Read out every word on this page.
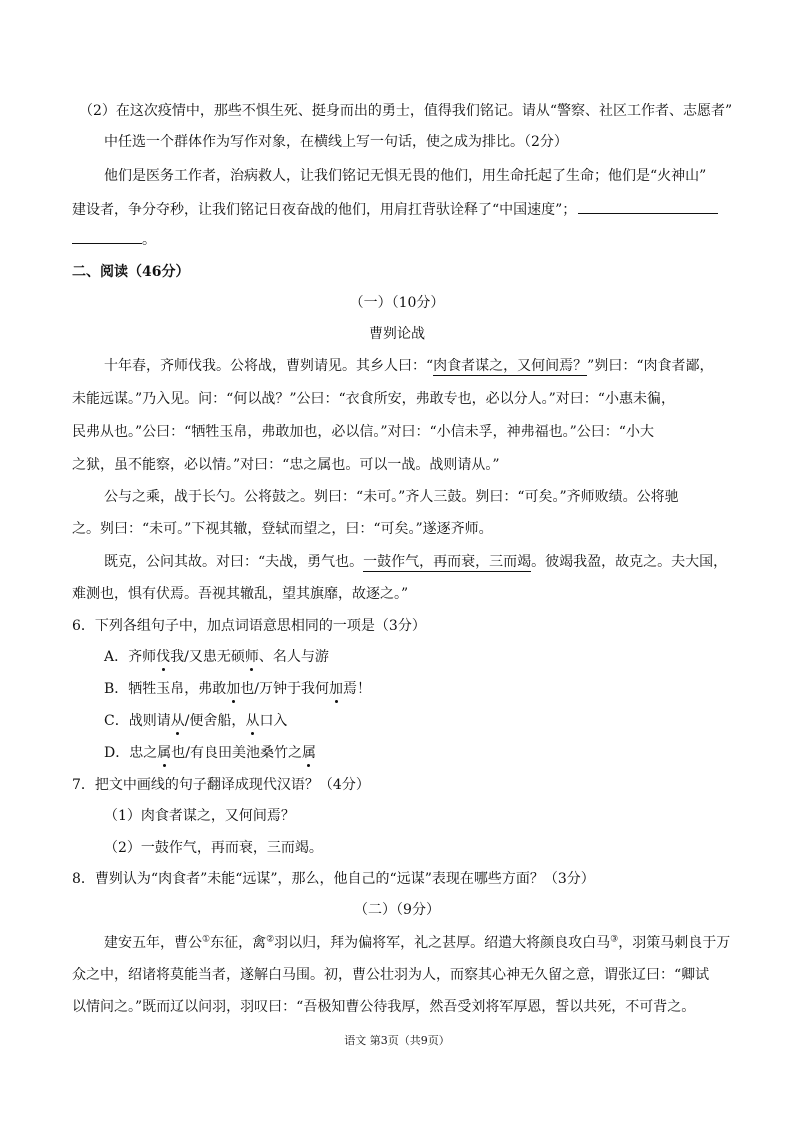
（2）在这次疫情中，那些不惧生死、挺身而出的勇士，值得我们铭记。请从“警察、社区工作者、志愿者”
中任选一个群体作为写作对象，在横线上写一句话，使之成为排比。（2分）
他们是医务工作者，治病救人，让我们铭记无惧无畏的他们，用生命托起了生命；他们是“火神山”
建设者，争分夺秒，让我们铭记日夜奋战的他们，用肩扛背驮诠释了“中国速度”；
。
二、阅读（46分）
（一）（10分）
曹刿论战
十年春，齐师伐我。公将战，曹刿请见。其乡人曰：“肉食者谋之，又何间焉？”刿曰：“肉食者鄙，
未能远谋。”乃入见。问：“何以战？”公曰：“衣食所安，弗敢专也，必以分人。”对曰：“小惠未徧，
民弗从也。”公曰：“牺牲玉帛，弗敢加也，必以信。”对曰：“小信未孚，神弗福也。”公曰：“小大
之狱，虽不能察，必以情。”对曰：“忠之属也。可以一战。战则请从。”
公与之乘，战于长勺。公将鼓之。刿曰：“未可。”齐人三鼓。刿曰：“可矣。”齐师败绩。公将驰
之。刿曰：“未可。”下视其辙，登轼而望之，曰：“可矣。”遂逐齐师。
既克，公问其故。对曰：“夫战，勇气也。一鼓作气，再而衰，三而竭。彼竭我盈，故克之。夫大国，
难测也，惧有伏焉。吾视其辙乱，望其旗靡，故逐之。”
6．下列各组句子中，加点词语意思相同的一项是（3分）
A．齐师伐我/又患无硕师、名人与游
B．牺牲玉帛，弗敢加也/万钟于我何加焉！
C．战则请从/便舍船，从口入
D．忠之属也/有良田美池桑竹之属
7．把文中画线的句子翻译成现代汉语？（4分）
（1）肉食者谋之，又何间焉？
（2）一鼓作气，再而衰，三而竭。
8．曹刿认为“肉食者”未能“远谋”，那么，他自己的“远谋”表现在哪些方面？（3分）
（二）（9分）
建安五年，曹公①东征，禽②羽以归，拜为偏将军，礼之甚厚。绍遣大将颜良攻白马③，羽策马刺良于万
众之中，绍诸将莫能当者，遂解白马围。初，曹公壮羽为人，而察其心神无久留之意，谓张辽曰：“卿试
以情问之。”既而辽以问羽，羽叹曰：“吾极知曹公待我厚，然吾受刘将军厚恩，誓以共死，不可背之。
语文 第3页（共9页）
